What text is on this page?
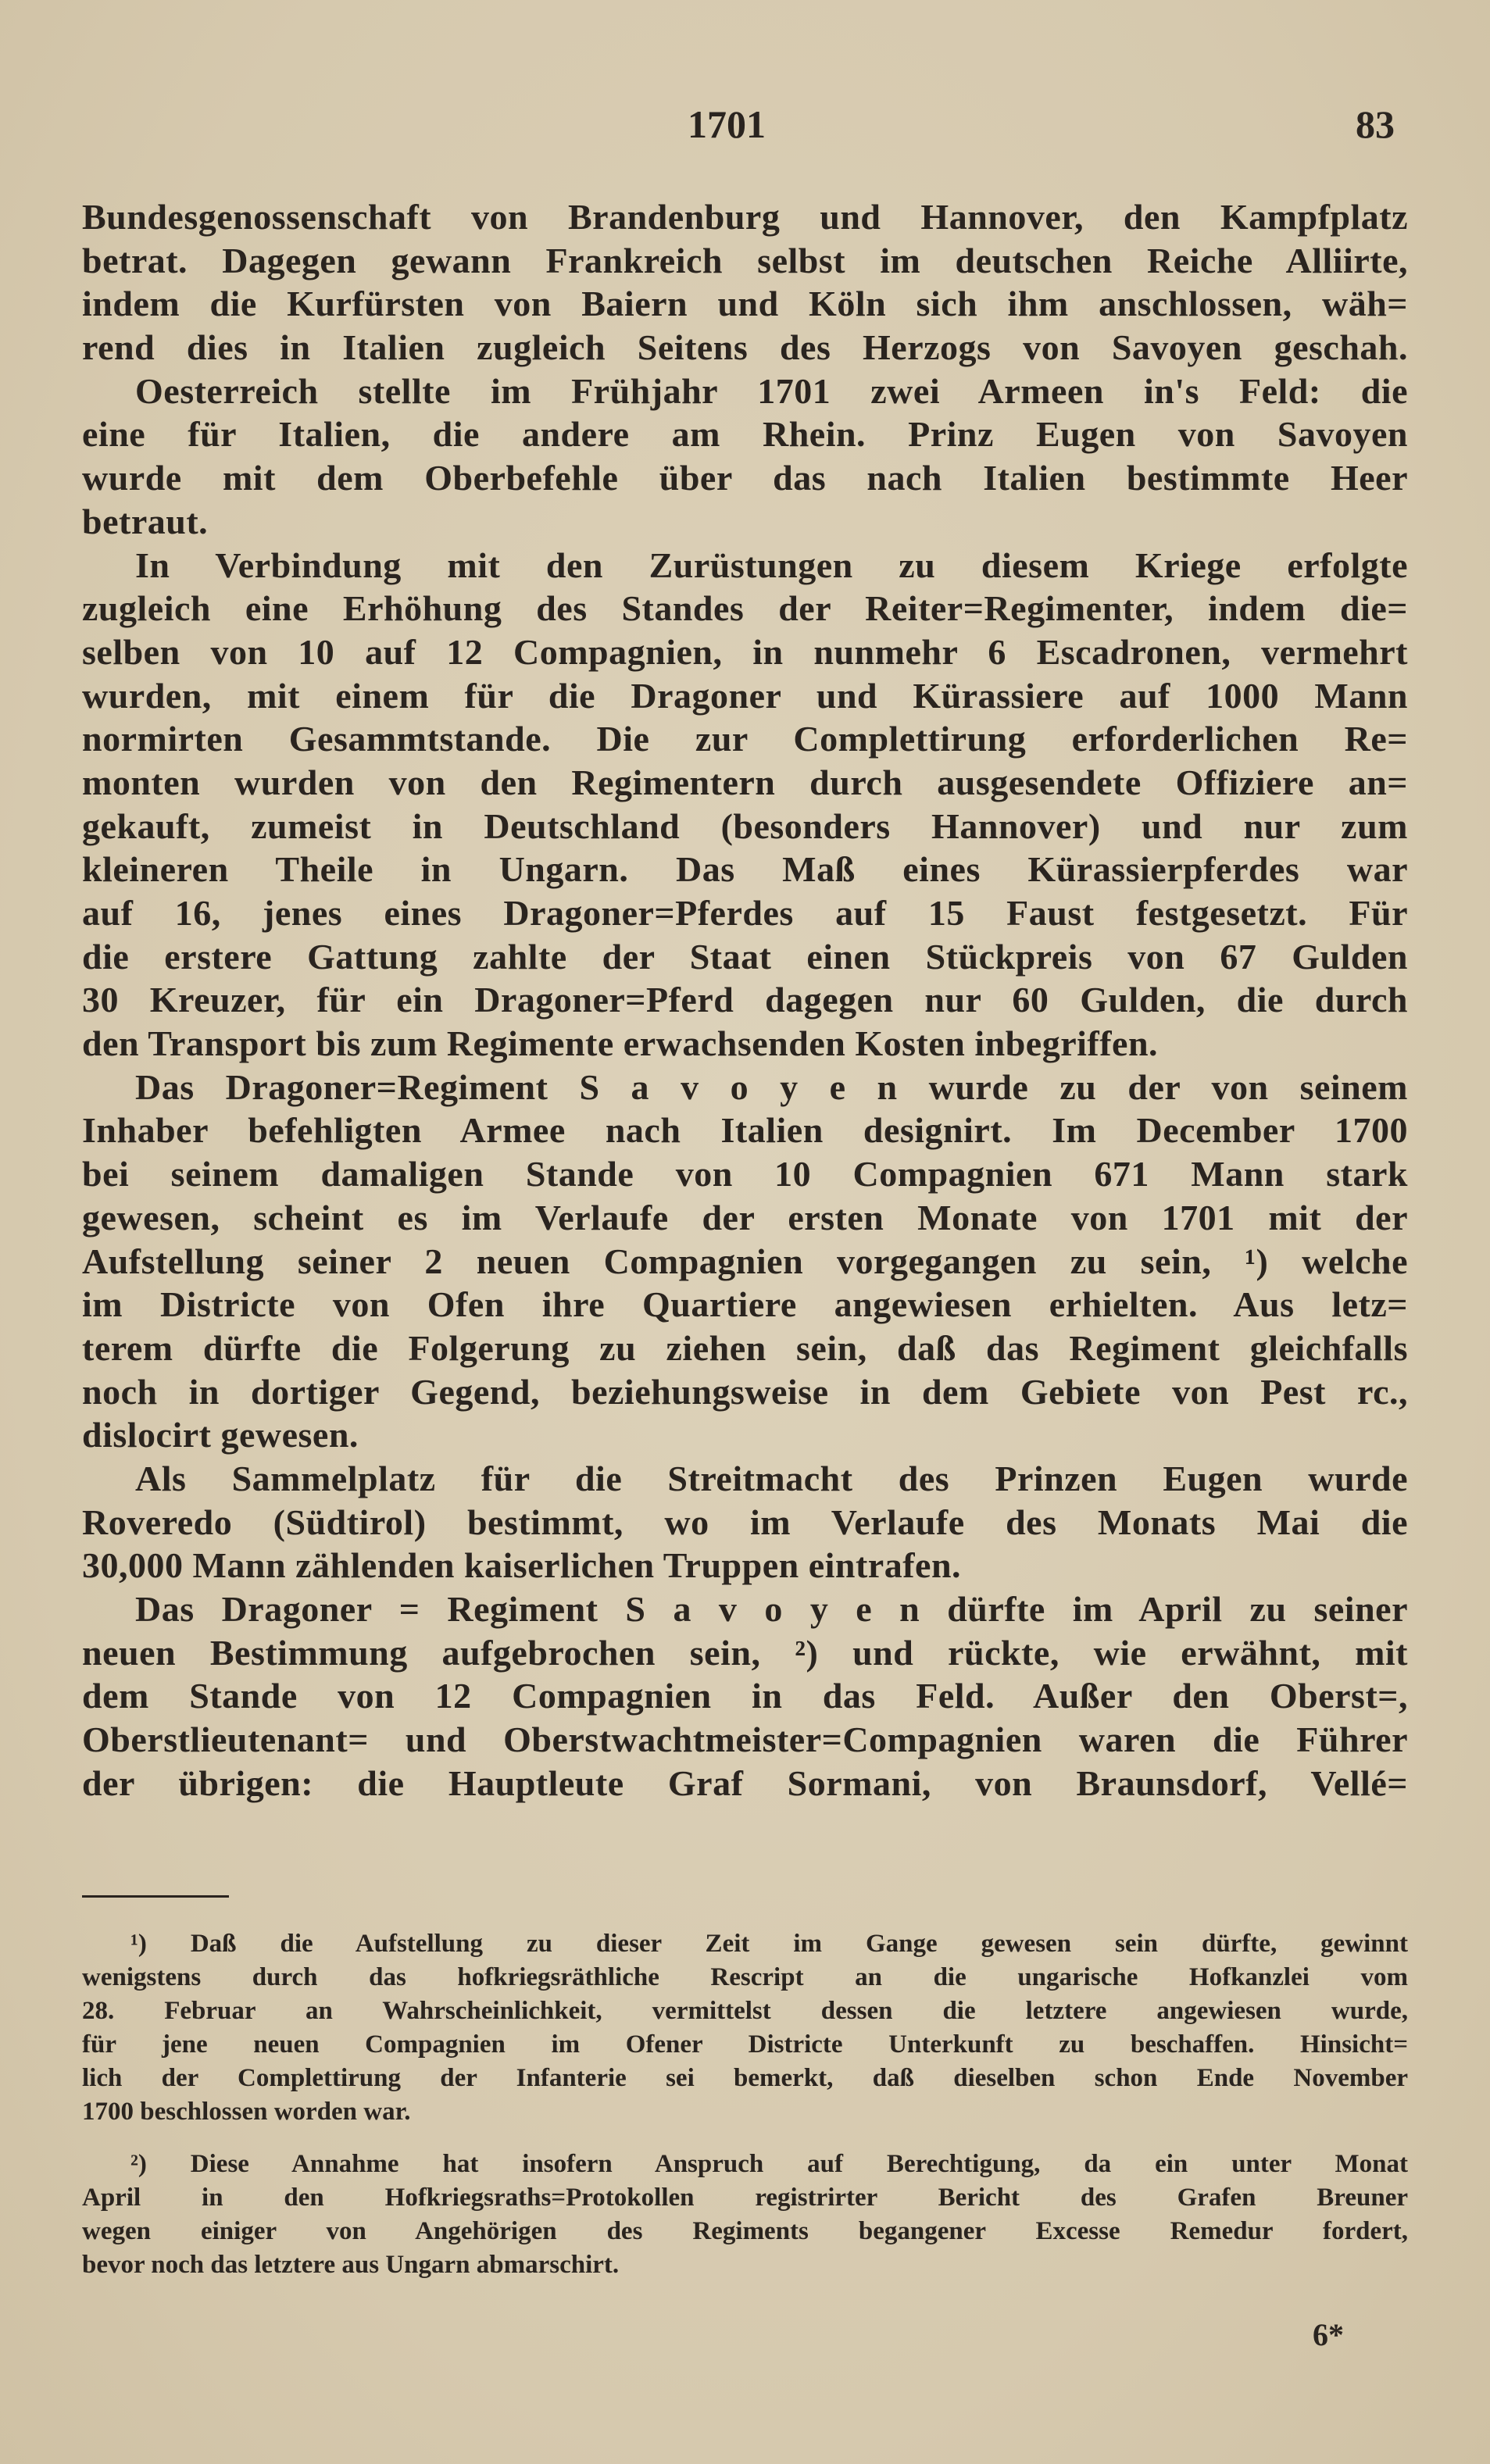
1701	83
Bundesgenossenschaft von Brandenburg und Hannover, den Kampfplatz
betrat. Dagegen gewann Frankreich selbst im deutschen Reiche Alliirte,
indem die Kurfürsten von Baiern und Köln sich ihm anschlossen, wäh=
rend dies in Italien zugleich Seitens des Herzogs von Savoyen geschah.
Oesterreich stellte im Frühjahr 1701 zwei Armeen in's Feld: die
eine für Italien, die andere am Rhein. Prinz Eugen von Savoyen
wurde mit dem Oberbefehle über das nach Italien bestimmte Heer
betraut.
In Verbindung mit den Zurüstungen zu diesem Kriege erfolgte
zugleich eine Erhöhung des Standes der Reiter=Regimenter, indem die=
selben von 10 auf 12 Compagnien, in nunmehr 6 Escadronen, vermehrt
wurden, mit einem für die Dragoner und Kürassiere auf 1000 Mann
normirten Gesammtstande. Die zur Complettirung erforderlichen Re=
monten wurden von den Regimentern durch ausgesendete Offiziere an=
gekauft, zumeist in Deutschland (besonders Hannover) und nur zum
kleineren Theile in Ungarn. Das Maß eines Kürassierpferdes war
auf 16, jenes eines Dragoner=Pferdes auf 15 Faust festgesetzt. Für
die erstere Gattung zahlte der Staat einen Stückpreis von 67 Gulden
30 Kreuzer, für ein Dragoner=Pferd dagegen nur 60 Gulden, die durch
den Transport bis zum Regimente erwachsenden Kosten inbegriffen.
Das Dragoner=Regiment S a v o y e n wurde zu der von seinem
Inhaber befehligten Armee nach Italien designirt. Im December 1700
bei seinem damaligen Stande von 10 Compagnien 671 Mann stark
gewesen, scheint es im Verlaufe der ersten Monate von 1701 mit der
Aufstellung seiner 2 neuen Compagnien vorgegangen zu sein, ¹) welche
im Districte von Ofen ihre Quartiere angewiesen erhielten. Aus letz=
terem dürfte die Folgerung zu ziehen sein, daß das Regiment gleichfalls
noch in dortiger Gegend, beziehungsweise in dem Gebiete von Pest rc.,
dislocirt gewesen.
Als Sammelplatz für die Streitmacht des Prinzen Eugen wurde
Roveredo (Südtirol) bestimmt, wo im Verlaufe des Monats Mai die
30,000 Mann zählenden kaiserlichen Truppen eintrafen.
Das Dragoner = Regiment S a v o y e n dürfte im April zu seiner
neuen Bestimmung aufgebrochen sein, ²) und rückte, wie erwähnt, mit
dem Stande von 12 Compagnien in das Feld. Außer den Oberst=,
Oberstlieutenant= und Oberstwachtmeister=Compagnien waren die Führer
der übrigen: die Hauptleute Graf Sormani, von Braunsdorf, Vellé=
¹) Daß die Aufstellung zu dieser Zeit im Gange gewesen sein dürfte, gewinnt
wenigstens durch das hofkriegsräthliche Rescript an die ungarische Hofkanzlei vom
28. Februar an Wahrscheinlichkeit, vermittelst dessen die letztere angewiesen wurde,
für jene neuen Compagnien im Ofener Districte Unterkunft zu beschaffen. Hinsicht=
lich der Complettirung der Infanterie sei bemerkt, daß dieselben schon Ende November
1700 beschlossen worden war.
²) Diese Annahme hat insofern Anspruch auf Berechtigung, da ein unter Monat
April in den Hofkriegsraths=Protokollen registrirter Bericht des Grafen Breuner
wegen einiger von Angehörigen des Regiments begangener Excesse Remedur fordert,
bevor noch das letztere aus Ungarn abmarschirt.
6*
